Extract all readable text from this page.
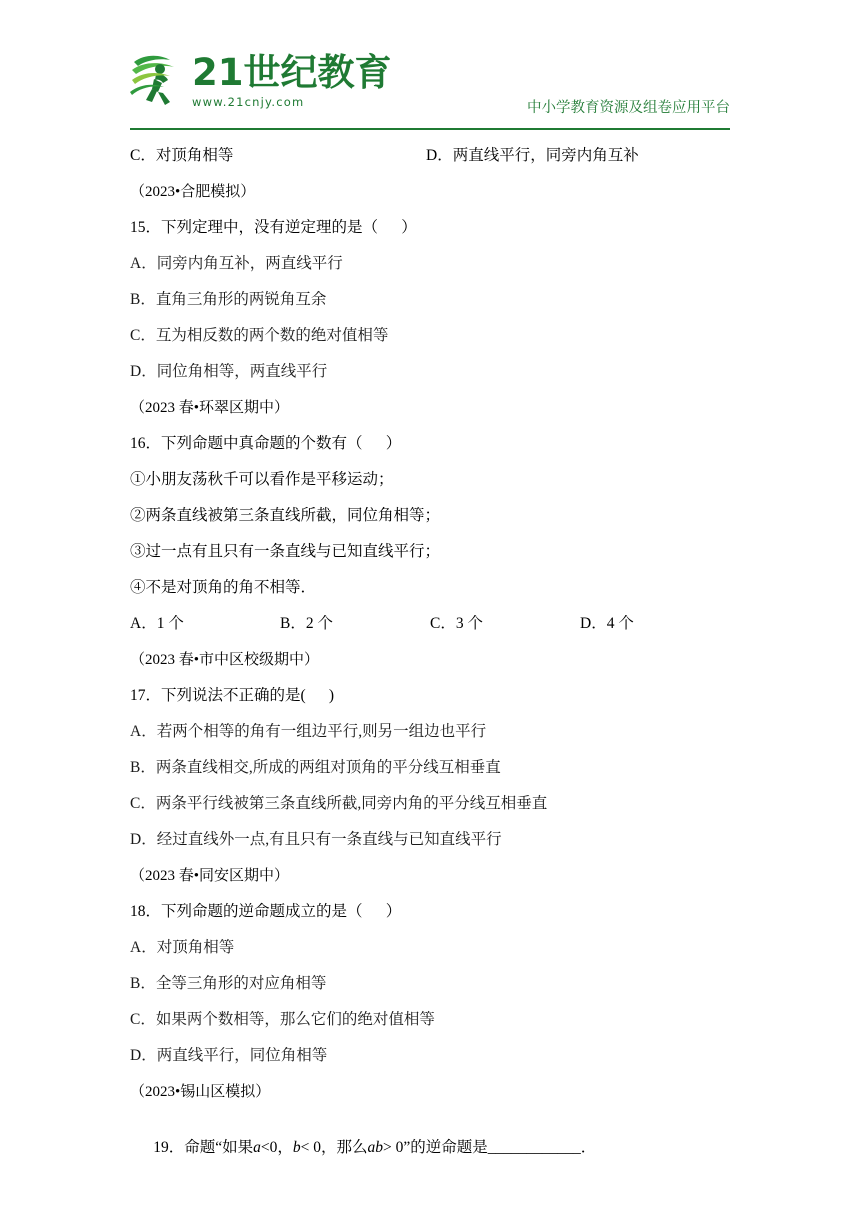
21世纪教育
www.21cnjy.com	中小学教育资源及组卷应用平台
C．对顶角相等	D．两直线平行，同旁内角互补
（2023•合肥模拟）
15．下列定理中，没有逆定理的是（      ）
A．同旁内角互补，两直线平行
B．直角三角形的两锐角互余
C．互为相反数的两个数的绝对值相等
D．同位角相等，两直线平行
（2023 春•环翠区期中）
16．下列命题中真命题的个数有（      ）
①小朋友荡秋千可以看作是平移运动；
②两条直线被第三条直线所截，同位角相等；
③过一点有且只有一条直线与已知直线平行；
④不是对顶角的角不相等．
A．1 个	B．2 个	C．3 个	D．4 个
（2023 春•市中区校级期中）
17．下列说法不正确的是(      )
A．若两个相等的角有一组边平行,则另一组边也平行
B．两条直线相交,所成的两组对顶角的平分线互相垂直
C．两条平行线被第三条直线所截,同旁内角的平分线互相垂直
D．经过直线外一点,有且只有一条直线与已知直线平行
（2023 春•同安区期中）
18．下列命题的逆命题成立的是（      ）
A．对顶角相等
B．全等三角形的对应角相等
C．如果两个数相等，那么它们的绝对值相等
D．两直线平行，同位角相等
（2023•锡山区模拟）

19．命题“如果a<0，b< 0，那么ab> 0”的逆命题是____________．
